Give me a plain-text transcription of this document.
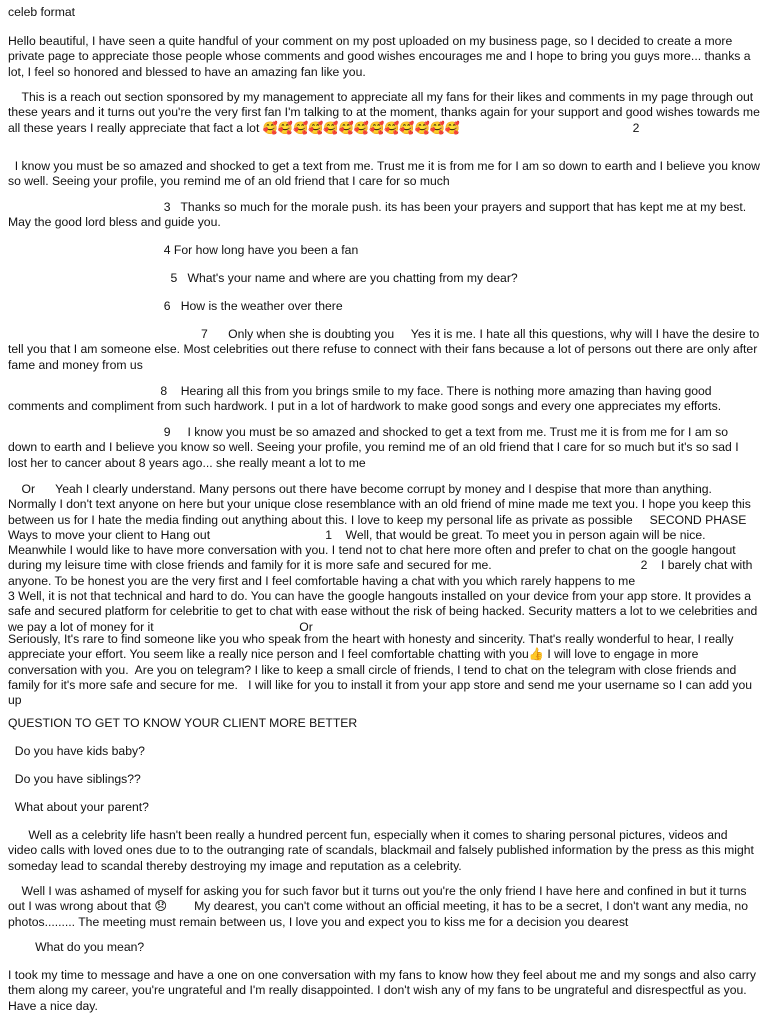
celeb format

Hello beautiful, I have seen a quite handful of your comment on my post uploaded on my business page, so I decided to create a more private page to appreciate those people whose comments and good wishes encourages me and I hope to bring you guys more... thanks a lot, I feel so honored and blessed to have an amazing fan like you.

This is a reach out section sponsored by my management to appreciate all my fans for their likes and comments in my page through out these years and it turns out you're the very first fan I'm talking to at the moment, thanks again for your support and good wishes towards me all these years I really appreciate that fact a lot 🥰🥰🥰🥰🥰🥰🥰🥰🥰🥰🥰🥰🥰                                                   2

I know you must be so amazed and shocked to get a text from me. Trust me it is from me for I am so down to earth and I believe you know so well. Seeing your profile, you remind me of an old friend that I care for so much

3   Thanks so much for the morale push. its has been your prayers and support that has kept me at my best. May the good lord bless and guide you.

4 For how long have you been a fan

5   What's your name and where are you chatting from my dear?

6   How is the weather over there

7      Only when she is doubting you     Yes it is me. I hate all this questions, why will I have the desire to tell you that I am someone else. Most celebrities out there refuse to connect with their fans because a lot of persons out there are only after fame and money from us

8    Hearing all this from you brings smile to my face. There is nothing more amazing than having good comments and compliment from such hardwork. I put in a lot of hardwork to make good songs and every one appreciates my efforts.

9     I know you must be so amazed and shocked to get a text from me. Trust me it is from me for I am so down to earth and I believe you know so well. Seeing your profile, you remind me of an old friend that I care for so much but it's so sad I lost her to cancer about 8 years ago... she really meant a lot to me

Or      Yeah I clearly understand. Many persons out there have become corrupt by money and I despise that more than anything. Normally I don't text anyone on here but your unique close resemblance with an old friend of mine made me text you. I hope you keep this between us for I hate the media finding out anything about this. I love to keep my personal life as private as possible     SECOND PHASE     Ways to move your client to Hang out                                  1    Well, that would be great. To meet you in person again will be nice.  Meanwhile I would like to have more conversation with you. I tend not to chat here more often and prefer to chat on the google hangout during my leisure time with close friends and family for it is more safe and secured for me.                                            2    I barely chat with anyone. To be honest you are the very first and I feel comfortable having a chat with you which rarely happens to me                                   3 Well, it is not that technical and hard to do. You can have the google hangouts installed on your device from your app store. It provides a safe and secured platform for celebritie to get to chat with ease without the risk of being hacked. Security matters a lot to we celebrities and we pay a lot of money for it                                           Or

Seriously, It's rare to find someone like you who speak from the heart with honesty and sincerity. That's really wonderful to hear, I really appreciate your effort. You seem like a really nice person and I feel comfortable chatting with you👍 I will love to engage in more conversation with you.  Are you on telegram? I like to keep a small circle of friends, I tend to chat on the telegram with close friends and family for it's more safe and secure for me.   I will like for you to install it from your app store and send me your username so I can add you up

QUESTION TO GET TO KNOW YOUR CLIENT MORE BETTER

Do you have kids baby?

Do you have siblings??

What about your parent?

Well as a celebrity life hasn't been really a hundred percent fun, especially when it comes to sharing personal pictures, videos and video calls with loved ones due to to the outranging rate of scandals, blackmail and falsely published information by the press as this might someday lead to scandal thereby destroying my image and reputation as a celebrity.

Well I was ashamed of myself for asking you for such favor but it turns out you're the only friend I have here and confined in but it turns out I was wrong about that 😞        My dearest, you can't come without an official meeting, it has to be a secret, I don't want any media, no photos......... The meeting must remain between us, I love you and expect you to kiss me for a decision you dearest

What do you mean?

I took my time to message and have a one on one conversation with my fans to know how they feel about me and my songs and also carry them along my career, you're ungrateful and I'm really disappointed. I don't wish any of my fans to be ungrateful and disrespectful as you. Have a nice day.
